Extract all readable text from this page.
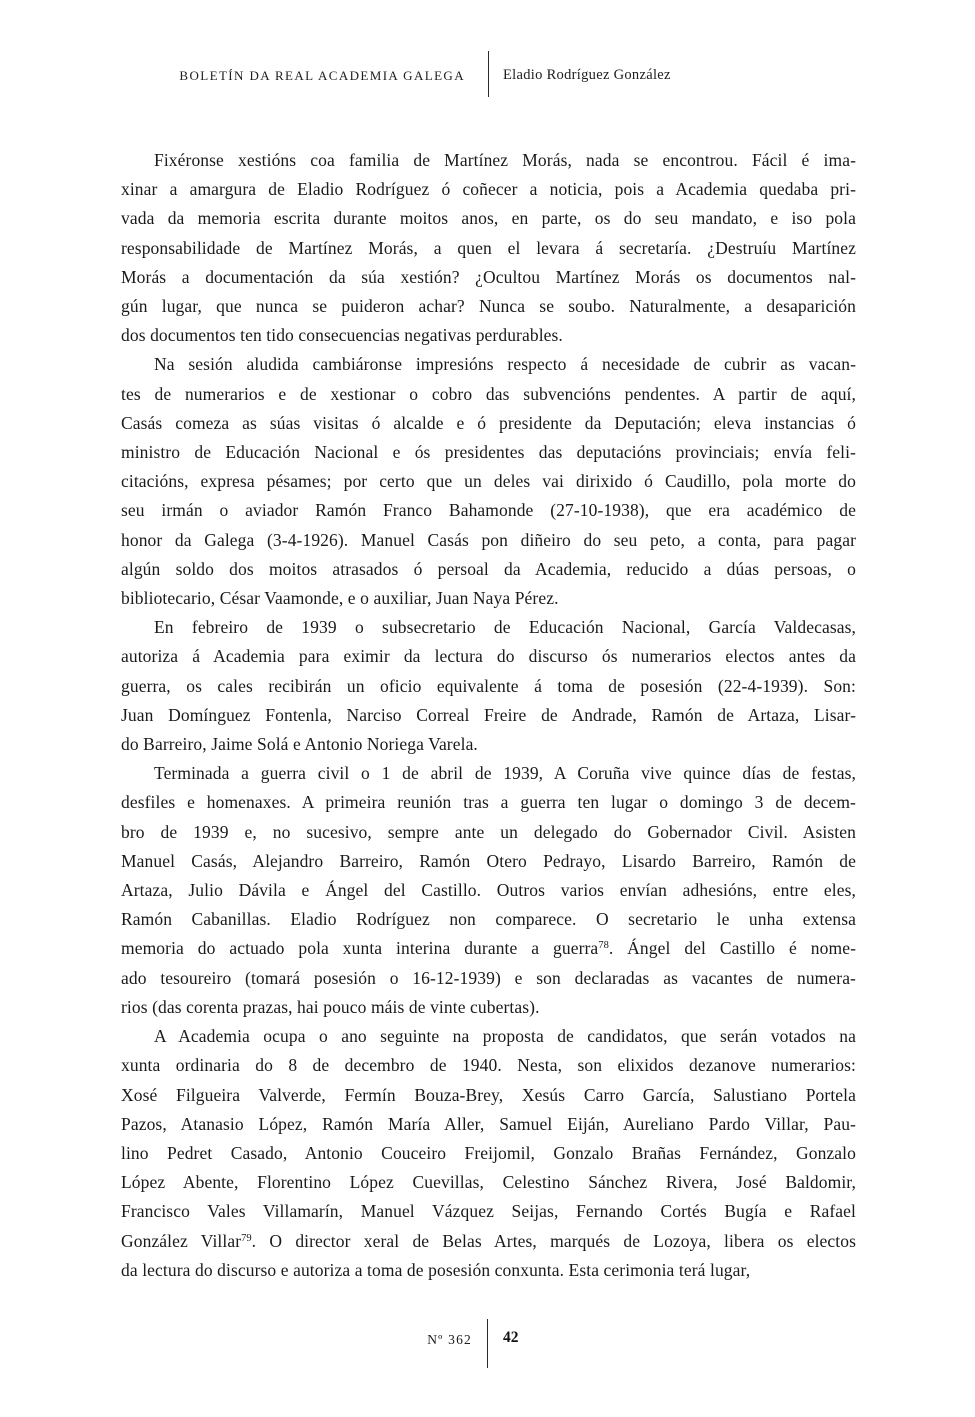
BOLETÍN DA REAL ACADEMIA GALEGA	Eladio Rodríguez González
Fixéronse xestións coa familia de Martínez Morás, nada se encontrou. Fácil é ima-
xinar a amargura de Eladio Rodríguez ó coñecer a noticia, pois a Academia quedaba pri-
vada da memoria escrita durante moitos anos, en parte, os do seu mandato, e iso pola
responsabilidade de Martínez Morás, a quen el levara á secretaría. ¿Destruíu Martínez
Morás a documentación da súa xestión? ¿Ocultou Martínez Morás os documentos nal-
gún lugar, que nunca se puideron achar? Nunca se soubo. Naturalmente, a desaparición
dos documentos ten tido consecuencias negativas perdurables.
Na sesión aludida cambiáronse impresións respecto á necesidade de cubrir as vacan-
tes de numerarios e de xestionar o cobro das subvencións pendentes. A partir de aquí,
Casás comeza as súas visitas ó alcalde e ó presidente da Deputación; eleva instancias ó
ministro de Educación Nacional e ós presidentes das deputacións provinciais; envía feli-
citacións, expresa pésames; por certo que un deles vai dirixido ó Caudillo, pola morte do
seu irmán o aviador Ramón Franco Bahamonde (27-10-1938), que era académico de
honor da Galega (3-4-1926). Manuel Casás pon diñeiro do seu peto, a conta, para pagar
algún soldo dos moitos atrasados ó persoal da Academia, reducido a dúas persoas, o
bibliotecario, César Vaamonde, e o auxiliar, Juan Naya Pérez.
En febreiro de 1939 o subsecretario de Educación Nacional, García Valdecasas,
autoriza á Academia para eximir da lectura do discurso ós numerarios electos antes da
guerra, os cales recibirán un oficio equivalente á toma de posesión (22-4-1939). Son:
Juan Domínguez Fontenla, Narciso Correal Freire de Andrade, Ramón de Artaza, Lisar-
do Barreiro, Jaime Solá e Antonio Noriega Varela.
Terminada a guerra civil o 1 de abril de 1939, A Coruña vive quince días de festas,
desfiles e homenaxes. A primeira reunión tras a guerra ten lugar o domingo 3 de decem-
bro de 1939 e, no sucesivo, sempre ante un delegado do Gobernador Civil. Asisten
Manuel Casás, Alejandro Barreiro, Ramón Otero Pedrayo, Lisardo Barreiro, Ramón de
Artaza, Julio Dávila e Ángel del Castillo. Outros varios envían adhesións, entre eles,
Ramón Cabanillas. Eladio Rodríguez non comparece. O secretario le unha extensa
memoria do actuado pola xunta interina durante a guerra$^{78}$. Ángel del Castillo é nome-
ado tesoureiro (tomará posesión o 16-12-1939) e son declaradas as vacantes de numera-
rios (das corenta prazas, hai pouco máis de vinte cubertas).
A Academia ocupa o ano seguinte na proposta de candidatos, que serán votados na
xunta ordinaria do 8 de decembro de 1940. Nesta, son elixidos dezanove numerarios:
Xosé Filgueira Valverde, Fermín Bouza-Brey, Xesús Carro García, Salustiano Portela
Pazos, Atanasio López, Ramón María Aller, Samuel Eiján, Aureliano Pardo Villar, Pau-
lino Pedret Casado, Antonio Couceiro Freijomil, Gonzalo Brañas Fernández, Gonzalo
López Abente, Florentino López Cuevillas, Celestino Sánchez Rivera, José Baldomir,
Francisco Vales Villamarín, Manuel Vázquez Seijas, Fernando Cortés Bugía e Rafael
González Villar$^{79}$. O director xeral de Belas Artes, marqués de Lozoya, libera os electos
da lectura do discurso e autoriza a toma de posesión conxunta. Esta cerimonia terá lugar,
Nº 362 42
